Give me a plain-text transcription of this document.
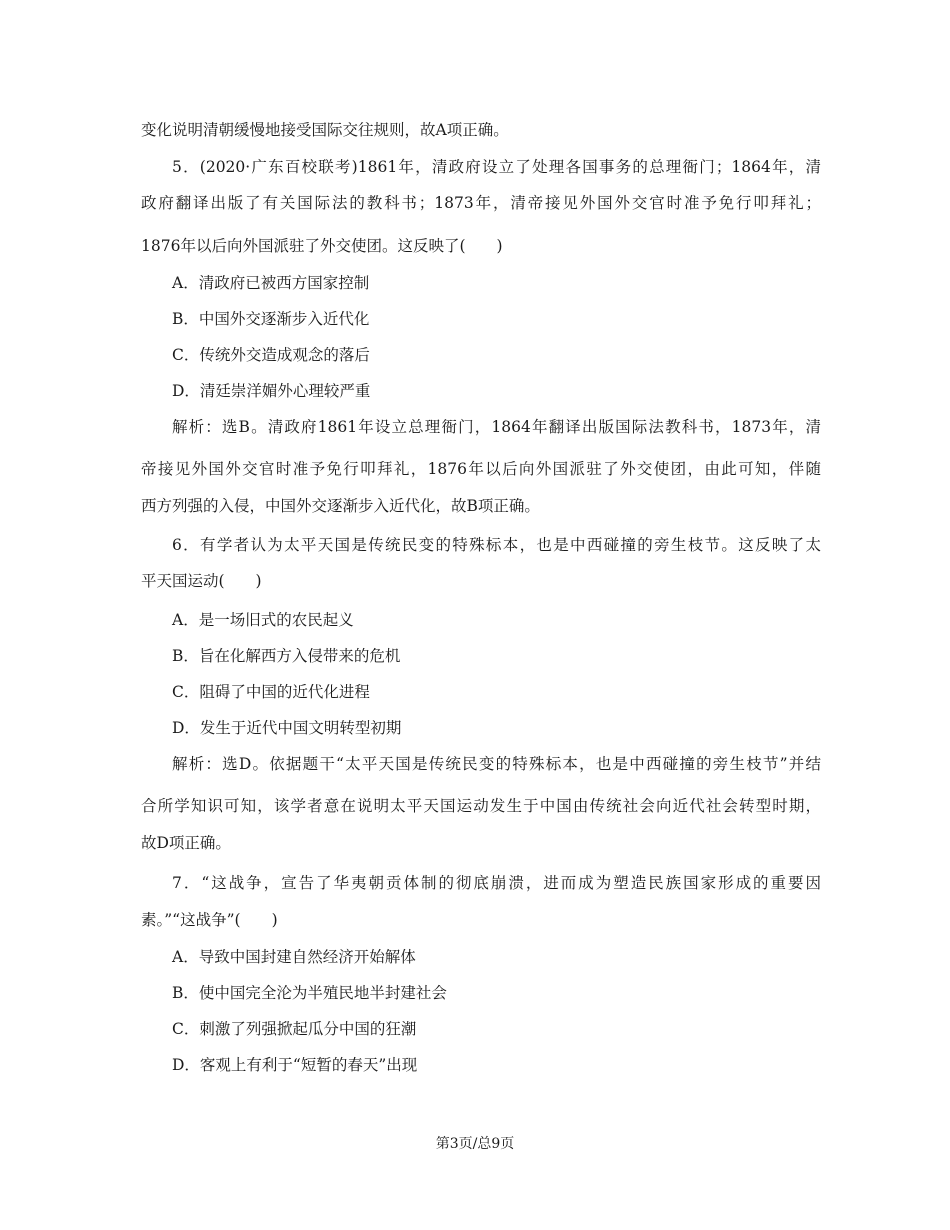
变化说明清朝缓慢地接受国际交往规则，故A项正确。
5．(2020·广东百校联考)1861年，清政府设立了处理各国事务的总理衙门；1864年，清
政府翻译出版了有关国际法的教科书；1873年，清帝接见外国外交官时准予免行叩拜礼；
1876年以后向外国派驻了外交使团。这反映了(　　)
A．清政府已被西方国家控制
B．中国外交逐渐步入近代化
C．传统外交造成观念的落后
D．清廷崇洋媚外心理较严重
解析：选B。清政府1861年设立总理衙门，1864年翻译出版国际法教科书，1873年，清
帝接见外国外交官时准予免行叩拜礼，1876年以后向外国派驻了外交使团，由此可知，伴随
西方列强的入侵，中国外交逐渐步入近代化，故B项正确。
6．有学者认为太平天国是传统民变的特殊标本，也是中西碰撞的旁生枝节。这反映了太
平天国运动(　　)
A．是一场旧式的农民起义
B．旨在化解西方入侵带来的危机
C．阻碍了中国的近代化进程
D．发生于近代中国文明转型初期
解析：选D。依据题干“太平天国是传统民变的特殊标本，也是中西碰撞的旁生枝节”并结
合所学知识可知，该学者意在说明太平天国运动发生于中国由传统社会向近代社会转型时期，
故D项正确。
7．“这战争，宣告了华夷朝贡体制的彻底崩溃，进而成为塑造民族国家形成的重要因
素。”“这战争”(　　)
A．导致中国封建自然经济开始解体
B．使中国完全沦为半殖民地半封建社会
C．刺激了列强掀起瓜分中国的狂潮
D．客观上有利于“短暂的春天”出现
第3页/总9页
